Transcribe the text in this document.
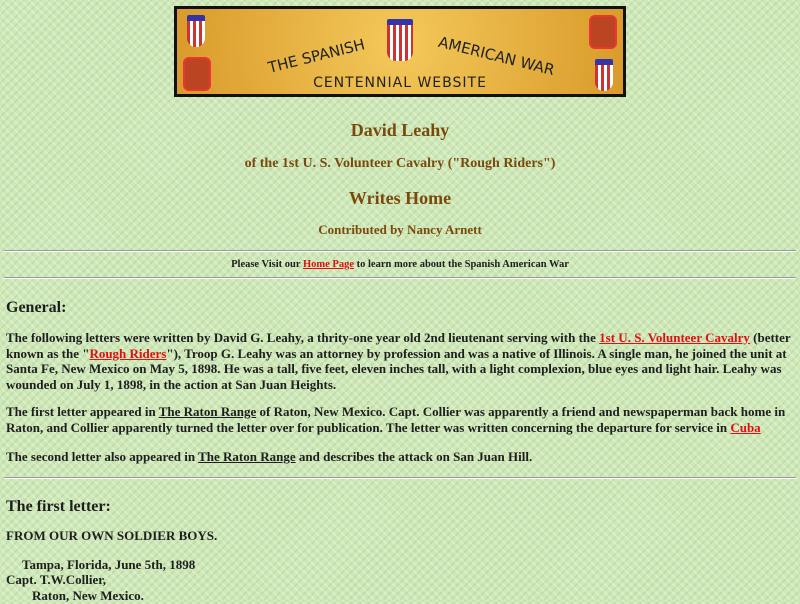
THE SPANISH	AMERICAN WAR
CENTENNIAL WEBSITE
David Leahy
of the 1st U. S. Volunteer Cavalry ("Rough Riders")
Writes Home
Contributed by Nancy Arnett
Please Visit our Home Page to learn more about the Spanish American War
General:

The following letters were written by David G. Leahy, a thrity-one year old 2nd lieutenant serving with the 1st U. S. Volunteer Cavalry (better known as the "Rough Riders"), Troop G. Leahy was an attorney by profession and was a native of Illinois. A single man, he joined the unit at Santa Fe, New Mexico on May 5, 1898. He was a tall, five feet, eleven inches tall, with a light complexion, blue eyes and light hair. Leahy was wounded on July 1, 1898, in the action at San Juan Heights.

The first letter appeared in The Raton Range of Raton, New Mexico. Capt. Collier was apparently a friend and newspaperman back home in Raton, and Collier apparently turned the letter over for publication. The letter was written concerning the departure for service in Cuba

The second letter also appeared in The Raton Range and describes the attack on San Juan Hill.

The first letter:

FROM OUR OWN SOLDIER BOYS.

Tampa, Florida, June 5th, 1898

Capt. T.W.Collier,

Raton, New Mexico.
